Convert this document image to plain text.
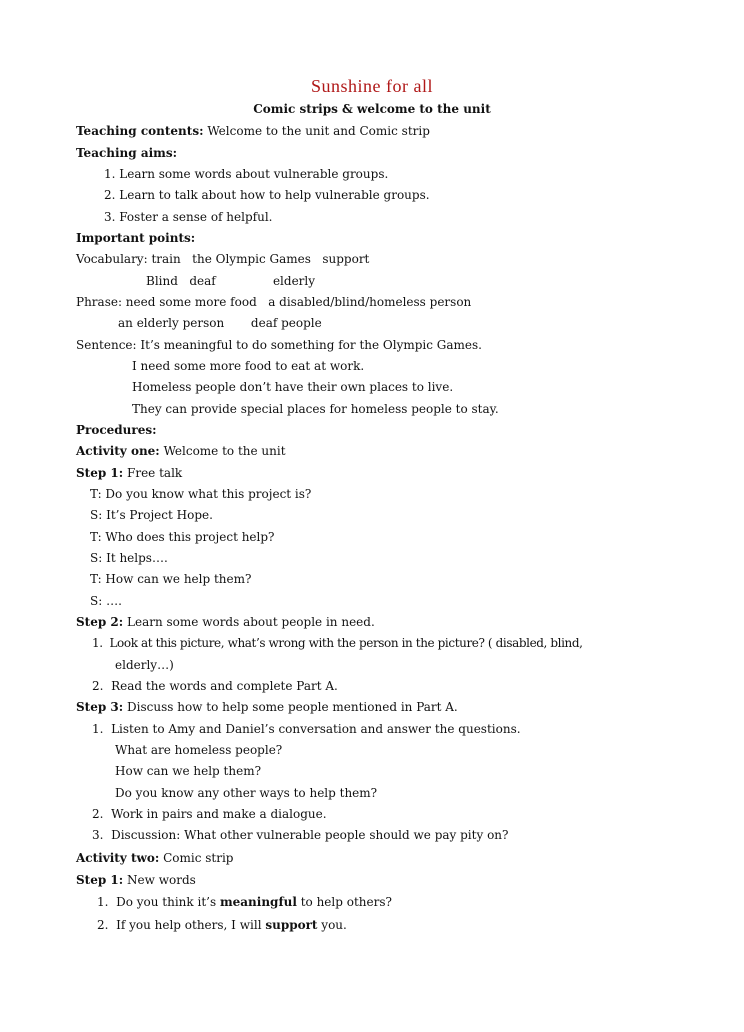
Sunshine for all
Comic strips & welcome to the unit
Teaching contents: Welcome to the unit and Comic strip
Teaching aims:
1. Learn some words about vulnerable groups.
2. Learn to talk about how to help vulnerable groups.
3. Foster a sense of helpful.
Important points:
Vocabulary: train   the Olympic Games   support
Blind   deaf               elderly
Phrase: need some more food   a disabled/blind/homeless person
an elderly person       deaf people
Sentence: It’s meaningful to do something for the Olympic Games.
I need some more food to eat at work.
Homeless people don’t have their own places to live.
They can provide special places for homeless people to stay.
Procedures:
Activity one: Welcome to the unit
Step 1: Free talk
T: Do you know what this project is?
S: It’s Project Hope.
T: Who does this project help?
S: It helps….
T: How can we help them?
S: ….
Step 2: Learn some words about people in need.
1.  Look at this picture, what’s wrong with the person in the picture? ( disabled, blind,
elderly…)
2.  Read the words and complete Part A.
Step 3: Discuss how to help some people mentioned in Part A.
1.  Listen to Amy and Daniel’s conversation and answer the questions.
What are homeless people?
How can we help them?
Do you know any other ways to help them?
2.  Work in pairs and make a dialogue.
3.  Discussion: What other vulnerable people should we pay pity on?
Activity two: Comic strip
Step 1: New words
1.  Do you think it’s meaningful to help others?
2.  If you help others, I will support you.
